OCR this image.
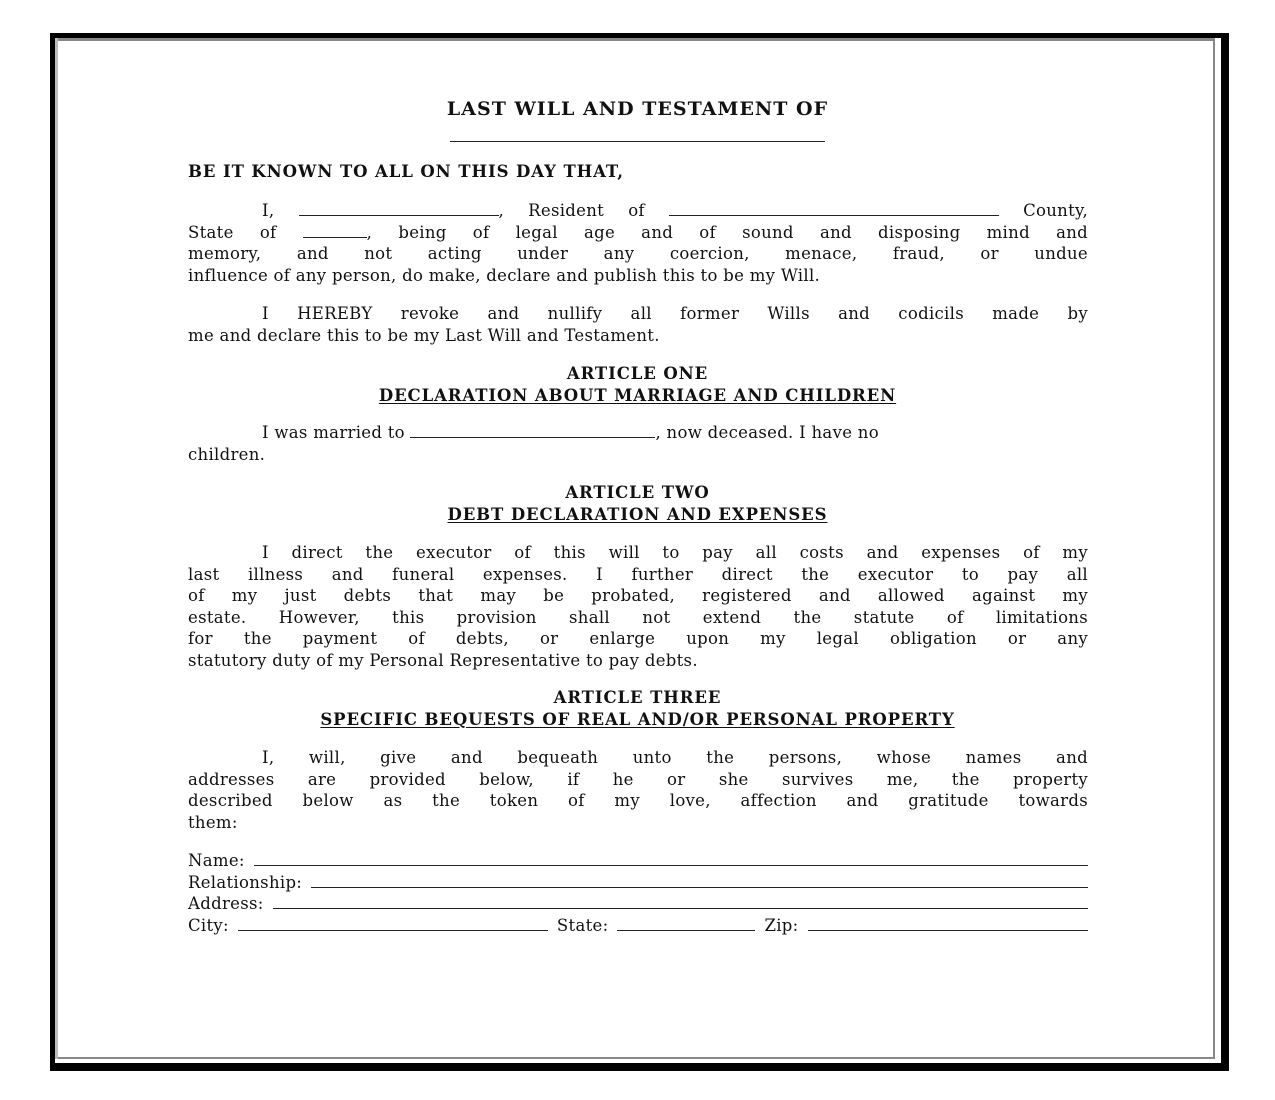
LAST WILL AND TESTAMENT OF
BE IT KNOWN TO ALL ON THIS DAY THAT,
I,	, Resident of	County,
State of	, being of legal age and of sound and disposing mind and
memory, and not acting under any coercion, menace, fraud, or undue
influence of any person, do make, declare and publish this to be my Will.
I HEREBY revoke and nullify all former Wills and codicils made by
me and declare this to be my Last Will and Testament.
ARTICLE ONE
DECLARATION ABOUT MARRIAGE AND CHILDREN
I was married to	, now deceased. I have no
children.
ARTICLE TWO
DEBT DECLARATION AND EXPENSES
I direct the executor of this will to pay all costs and expenses of my
last illness and funeral expenses. I further direct the executor to pay all
of my just debts that may be probated, registered and allowed against my
estate. However, this provision shall not extend the statute of limitations
for the payment of debts, or enlarge upon my legal obligation or any
statutory duty of my Personal Representative to pay debts.
ARTICLE THREE
SPECIFIC BEQUESTS OF REAL AND/OR PERSONAL PROPERTY
I, will, give and bequeath unto the persons, whose names and
addresses are provided below, if he or she survives me, the property
described below as the token of my love, affection and gratitude towards
them:
Name:
Relationship:
Address:
City:	State:	Zip:
